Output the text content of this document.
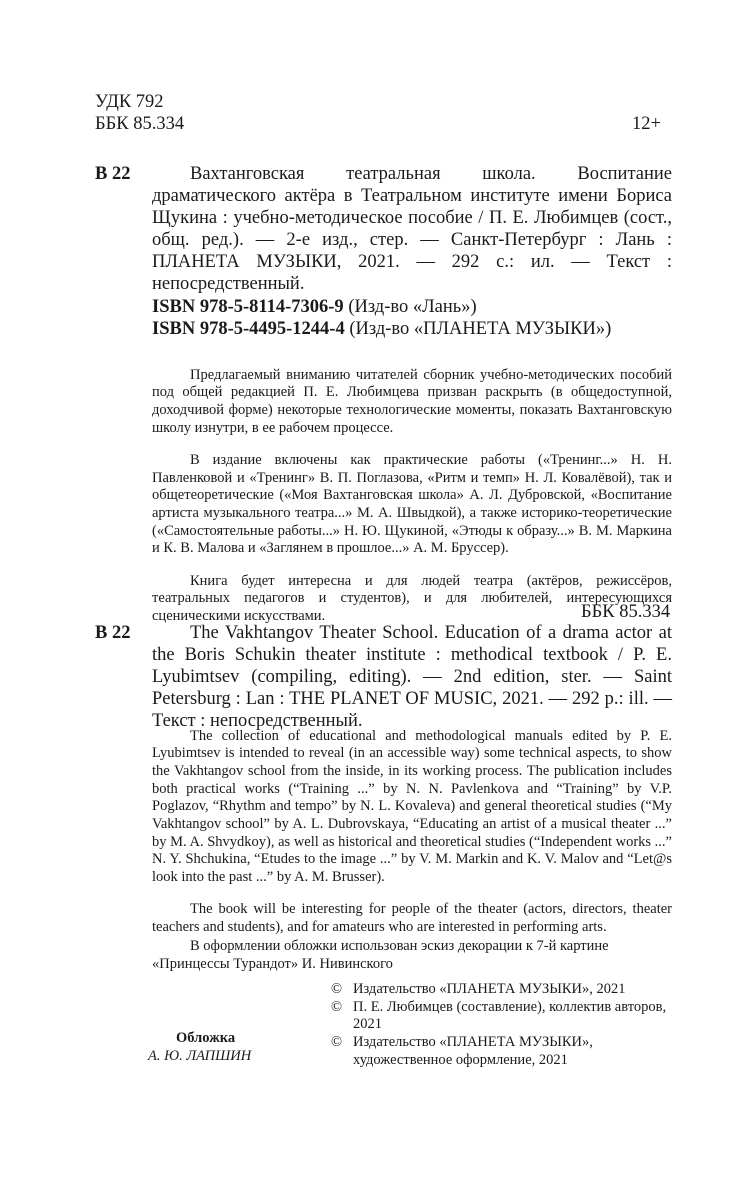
УДК 792
ББК 85.334	12+
В 22	Вахтанговская театральная школа. Воспитание драматического актёра в Театральном институте имени Бориса Щукина : учебно-методическое пособие / П. Е. Любимцев (сост., общ. ред.). — 2-е изд., стер. — Санкт-Петербург : Лань : ПЛАНЕТА МУЗЫКИ, 2021. — 292 с.: ил. — Текст : непосредственный.
ISBN 978-5-8114-7306-9 (Изд-во «Лань»)
ISBN 978-5-4495-1244-4 (Изд-во «ПЛАНЕТА МУЗЫКИ»)

Предлагаемый вниманию читателей сборник учебно-методических пособий под общей редакцией П. Е. Любимцева призван раскрыть (в общедоступной, доходчивой форме) некоторые технологические моменты, показать Вахтанговскую школу изнутри, в ее рабочем процессе.

В издание включены как практические работы («Тренинг...» Н. Н. Павленковой и «Тренинг» В. П. Поглазова, «Ритм и темп» Н. Л. Ковалёвой), так и общетеоретические («Моя Вахтанговская школа» А. Л. Дубровской, «Воспитание артиста музыкального театра...» М. А. Швыдкой), а также историко-теоретические («Самостоятельные работы...» Н. Ю. Щукиной, «Этюды к образу...» В. М. Маркина и К. В. Малова и «Заглянем в прошлое...» А. М. Бруссер).

Книга будет интересна и для людей театра (актёров, режиссёров, театральных педагогов и студентов), и для любителей, интересующихся сценическими искусствами.	ББК 85.334
В 22	The Vakhtangov Theater School. Education of a drama actor at the Boris Schukin theater institute : methodical textbook / P. E. Lyubimtsev (compiling, editing). — 2nd edition, ster. — Saint Petersburg : Lan : THE PLANET OF MUSIC, 2021. — 292 p.: ill. — Текст : непосредственный.

The collection of educational and methodological manuals edited by P. E. Lyubimtsev is intended to reveal (in an accessible way) some technical aspects, to show the Vakhtangov school from the inside, in its working process. The publication includes both practical works (“Training ...” by N. N. Pavlenkova and “Training” by V.P. Poglazov, “Rhythm and tempo” by N. L. Kovaleva) and general theoretical studies (“My Vakhtangov school” by A. L. Dubrovskaya, “Educating an artist of a musical theater ...” by M. A. Shvydkoy), as well as historical and theoretical studies (“Independent works ...” N. Y. Shchukina, “Etudes to the image ...” by V. M. Markin and K. V. Malov and “Let@s look into the past ...” by A. M. Brusser).

The book will be interesting for people of the theater (actors, directors, theater teachers and students), and for amateurs who are interested in performing arts.

В оформлении обложки использован эскиз декорации к 7-й картине «Принцессы Турандот» И. Нивинского
Обложка
А. Ю. ЛАПШИН
© Издательство «ПЛАНЕТА МУЗЫКИ», 2021
© П. Е. Любимцев (составление), коллектив авторов, 2021
© Издательство «ПЛАНЕТА МУЗЫКИ», художественное оформление, 2021
